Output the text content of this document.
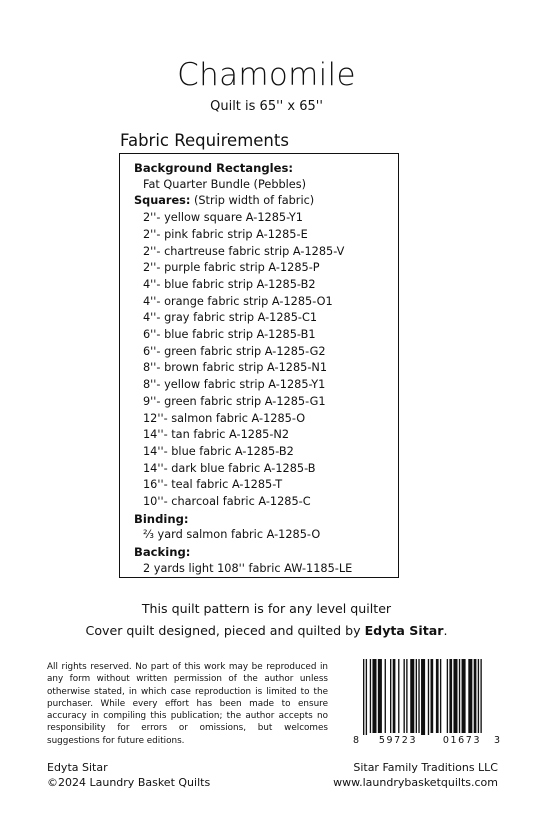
Chamomile
Quilt is 65'' x 65''
Fabric Requirements
Background Rectangles:
Fat Quarter Bundle (Pebbles)
Squares: (Strip width of fabric)
2''- yellow square A-1285-Y1
2''- pink fabric strip A-1285-E
2''- chartreuse fabric strip A-1285-V
2''- purple fabric strip A-1285-P
4''- blue fabric strip A-1285-B2
4''- orange fabric strip A-1285-O1
4''- gray fabric strip A-1285-C1
6''- blue fabric strip A-1285-B1
6''- green fabric strip A-1285-G2
8''- brown fabric strip A-1285-N1
8''- yellow fabric strip A-1285-Y1
9''- green fabric strip A-1285-G1
12''- salmon fabric A-1285-O
14''- tan fabric A-1285-N2
14''- blue fabric A-1285-B2
14''- dark blue fabric A-1285-B
16''- teal fabric A-1285-T
10''- charcoal fabric A-1285-C
Binding:
⅔ yard salmon fabric A-1285-O
Backing:
2 yards light 108'' fabric AW-1185-LE
This quilt pattern is for any level quilter
Cover quilt designed, pieced and quilted by Edyta Sitar.
All rights reserved. No part of this work may be reproduced in any form without written permission of the author unless otherwise stated, in which case reproduction is limited to the purchaser. While every effort has been made to ensure accuracy in compiling this publication; the author accepts no responsibility for errors or omissions, but welcomes suggestions for future editions.	8	59723	01673	3
Edyta Sitar
©2024 Laundry Basket Quilts
Sitar Family Traditions LLC
www.laundrybasketquilts.com
